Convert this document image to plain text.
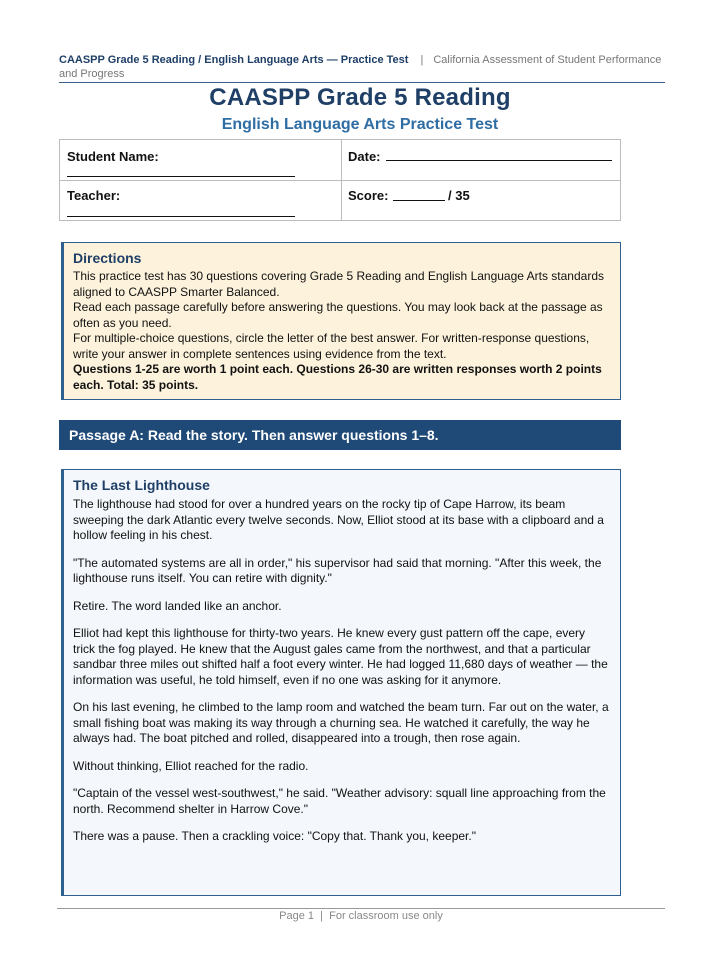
CAASPP Grade 5 Reading / English Language Arts — Practice Test | California Assessment of Student Performance and Progress
CAASPP Grade 5 Reading
English Language Arts Practice Test
Student Name:	Date:
Teacher:	Score:	/ 35
Directions

This practice test has 30 questions covering Grade 5 Reading and English Language Arts standards aligned to CAASPP Smarter Balanced.

Read each passage carefully before answering the questions. You may look back at the passage as often as you need.

For multiple-choice questions, circle the letter of the best answer. For written-response questions, write your answer in complete sentences using evidence from the text.

Questions 1-25 are worth 1 point each. Questions 26-30 are written responses worth 2 points each. Total: 35 points.

Passage A: Read the story. Then answer questions 1–8.
The Last Lighthouse

The lighthouse had stood for over a hundred years on the rocky tip of Cape Harrow, its beam sweeping the dark Atlantic every twelve seconds. Now, Elliot stood at its base with a clipboard and a hollow feeling in his chest.

"The automated systems are all in order," his supervisor had said that morning. "After this week, the lighthouse runs itself. You can retire with dignity."

Retire. The word landed like an anchor.

Elliot had kept this lighthouse for thirty-two years. He knew every gust pattern off the cape, every trick the fog played. He knew that the August gales came from the northwest, and that a particular sandbar three miles out shifted half a foot every winter. He had logged 11,680 days of weather — the information was useful, he told himself, even if no one was asking for it anymore.

On his last evening, he climbed to the lamp room and watched the beam turn. Far out on the water, a small fishing boat was making its way through a churning sea. He watched it carefully, the way he always had. The boat pitched and rolled, disappeared into a trough, then rose again.

Without thinking, Elliot reached for the radio.

"Captain of the vessel west-southwest," he said. "Weather advisory: squall line approaching from the north. Recommend shelter in Harrow Cove."

There was a pause. Then a crackling voice: "Copy that. Thank you, keeper."

Page 1  |  For classroom use only
